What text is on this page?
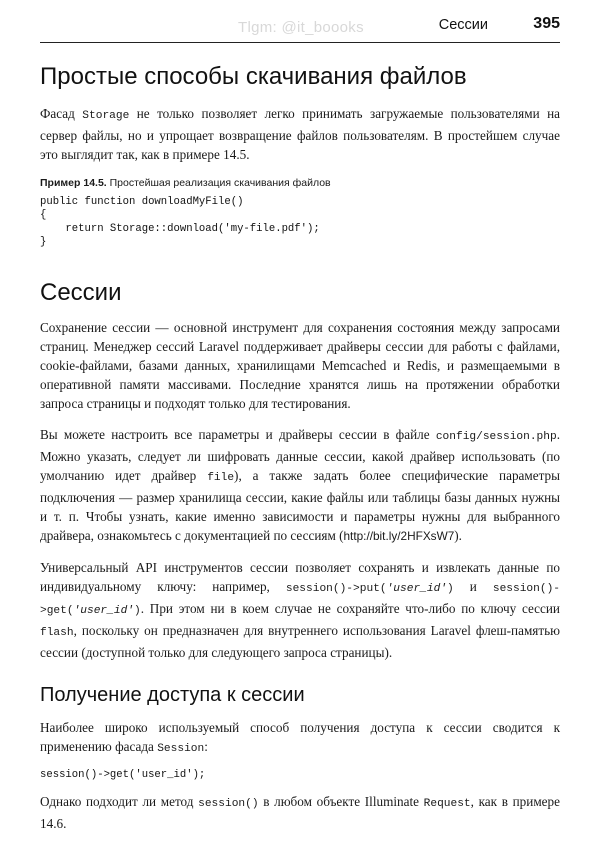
Tlgm: @it_boooks	Сессии	395
Простые способы скачивания файлов

Фасад Storage не только позволяет легко принимать загружаемые пользователями на сервер файлы, но и упрощает возвращение файлов пользователям. В простейшем случае это выглядит так, как в примере 14.5.

Пример 14.5. Простейшая реализация скачивания файлов
public function downloadMyFile()
{
return Storage::download('my-file.pdf');
}
Сессии

Сохранение сессии — основной инструмент для сохранения состояния между запросами страниц. Менеджер сессий Laravel поддерживает драйверы сессии для работы с файлами, cookie-файлами, базами данных, хранилищами Memcached и Redis, и размещаемыми в оперативной памяти массивами. Последние хранятся лишь на протяжении обработки запроса страницы и подходят только для тестирования.

Вы можете настроить все параметры и драйверы сессии в файле config/session.php. Можно указать, следует ли шифровать данные сессии, какой драйвер использовать (по умолчанию идет драйвер file), а также задать более специфические параметры подключения — размер хранилища сессии, какие файлы или таблицы базы данных нужны и т. п. Чтобы узнать, какие именно зависимости и параметры нужны для выбранного драйвера, ознакомьтесь с документацией по сессиям (http://bit.ly/2HFXsW7).

Универсальный API инструментов сессии позволяет сохранять и извлекать данные по индивидуальному ключу: например, session()->put('user_id') и session()->get('user_id'). При этом ни в коем случае не сохраняйте что-либо по ключу сессии flash, поскольку он предназначен для внутреннего использования Laravel флеш-памятью сессии (доступной только для следующего запроса страницы).

Получение доступа к сессии

Наиболее широко используемый способ получения доступа к сессии сводится к применению фасада Session:

session()->get('user_id');

Однако подходит ли метод session() в любом объекте Illuminate Request, как в примере 14.6.
